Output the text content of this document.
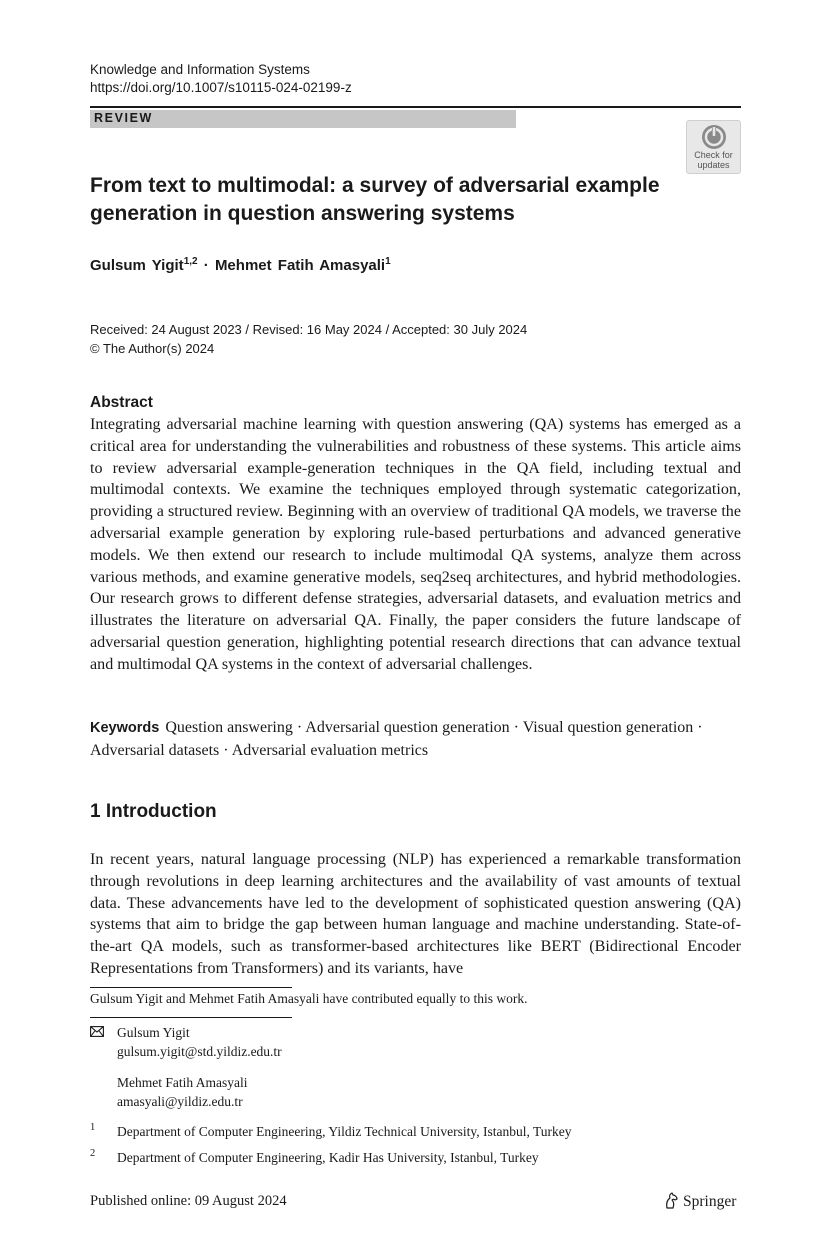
Knowledge and Information Systems
https://doi.org/10.1007/s10115-024-02199-z
REVIEW
Check for
updates
From text to multimodal: a survey of adversarial example
generation in question answering systems
Gulsum Yigit$^{1,2}$ · Mehmet Fatih Amasyali$^1$
Received: 24 August 2023 / Revised: 16 May 2024 / Accepted: 30 July 2024
© The Author(s) 2024
Abstract
Integrating adversarial machine learning with question answering (QA) systems has emerged as a critical area for understanding the vulnerabilities and robustness of these systems. This article aims to review adversarial example-generation techniques in the QA field, including textual and multimodal contexts. We examine the techniques employed through systematic categorization, providing a structured review. Beginning with an overview of traditional QA models, we traverse the adversarial example generation by exploring rule-based perturbations and advanced generative models. We then extend our research to include multimodal QA systems, analyze them across various methods, and examine generative models, seq2seq architectures, and hybrid methodologies. Our research grows to different defense strategies, adversarial datasets, and evaluation metrics and illustrates the literature on adversarial QA. Finally, the paper considers the future landscape of adversarial question generation, highlighting potential research directions that can advance textual and multimodal QA systems in the context of adversarial challenges.
Keywords Question answering · Adversarial question generation · Visual question generation · Adversarial datasets · Adversarial evaluation metrics
1 Introduction
In recent years, natural language processing (NLP) has experienced a remarkable transformation through revolutions in deep learning architectures and the availability of vast amounts of textual data. These advancements have led to the development of sophisticated question answering (QA) systems that aim to bridge the gap between human language and machine understanding. State-of-the-art QA models, such as transformer-based architectures like BERT (Bidirectional Encoder Representations from Transformers) and its variants, have
Gulsum Yigit and Mehmet Fatih Amasyali have contributed equally to this work.
Gulsum Yigit
gulsum.yigit@std.yildiz.edu.tr
Mehmet Fatih Amasyali
amasyali@yildiz.edu.tr
1 Department of Computer Engineering, Yildiz Technical University, Istanbul, Turkey
2 Department of Computer Engineering, Kadir Has University, Istanbul, Turkey
Published online: 09 August 2024	Springer
